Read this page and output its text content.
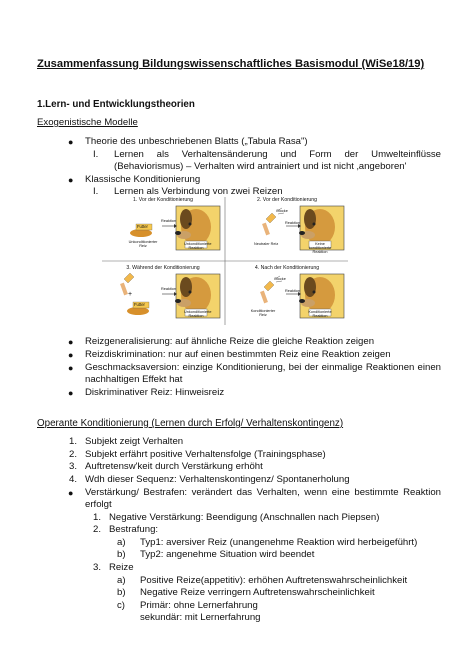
Zusammenfassung Bildungswissenschaftliches Basismodul (WiSe18/19)
1.Lern- und Entwicklungstheorien
Exogenistische Modelle
● Theorie des unbeschriebenen Blatts („Tabula Rasa")
I. Lernen als Verhaltensänderung und Form der Umwelteinflüsse
(Behaviorismus) – Verhalten wird antrainiert und ist nicht ‚angeboren'
● Klassische Konditionierung
I. Lernen als Verbindung von zwei Reizen
1. Vor der Konditionierung
Reaktion
Futter
Unkonditionierter Reiz
Unkonditionierte Reaktion
2. Vor der Konditionierung
Glocke
Reaktion
Neutraler Reiz	Keine konditionierte Reaktion
3. Während der Konditionierung
+
Futter
Reaktion
Unkonditionierte Reaktion
4. Nach der Konditionierung
Glocke
Reaktion
Konditionierter Reiz
Konditionierte Reaktion
● Reizgeneralisierung: auf ähnliche Reize die gleiche Reaktion zeigen
● Reizdiskrimination: nur auf einen bestimmten Reiz eine Reaktion zeigen
● Geschmacksaversion: einzige Konditionierung, bei der einmalige Reaktionen einen
nachhaltigen Effekt hat
● Diskriminativer Reiz: Hinweisreiz
Operante Konditionierung (Lernen durch Erfolg/ Verhaltenskontingenz)
1. Subjekt zeigt Verhalten
2. Subjekt erfährt positive Verhaltensfolge (Trainingsphase)
3. Auftretensw'keit durch Verstärkung erhöht
4. Wdh dieser Sequenz: Verhaltenskontingenz/ Spontanerholung
● Verstärkung/ Bestrafen: verändert das Verhalten, wenn eine bestimmte Reaktion
erfolgt
1. Negative Verstärkung: Beendigung (Anschnallen nach Piepsen)
2. Bestrafung:
a) Typ1: aversiver Reiz (unangenehme Reaktion wird herbeigeführt)
b) Typ2: angenehme Situation wird beendet
3. Reize
a) Positive Reize(appetitiv): erhöhen Auftretenswahrscheinlichkeit
b) Negative Reize verringern Auftretenswahrscheinlichkeit
c) Primär: ohne Lernerfahrung
sekundär: mit Lernerfahrung
